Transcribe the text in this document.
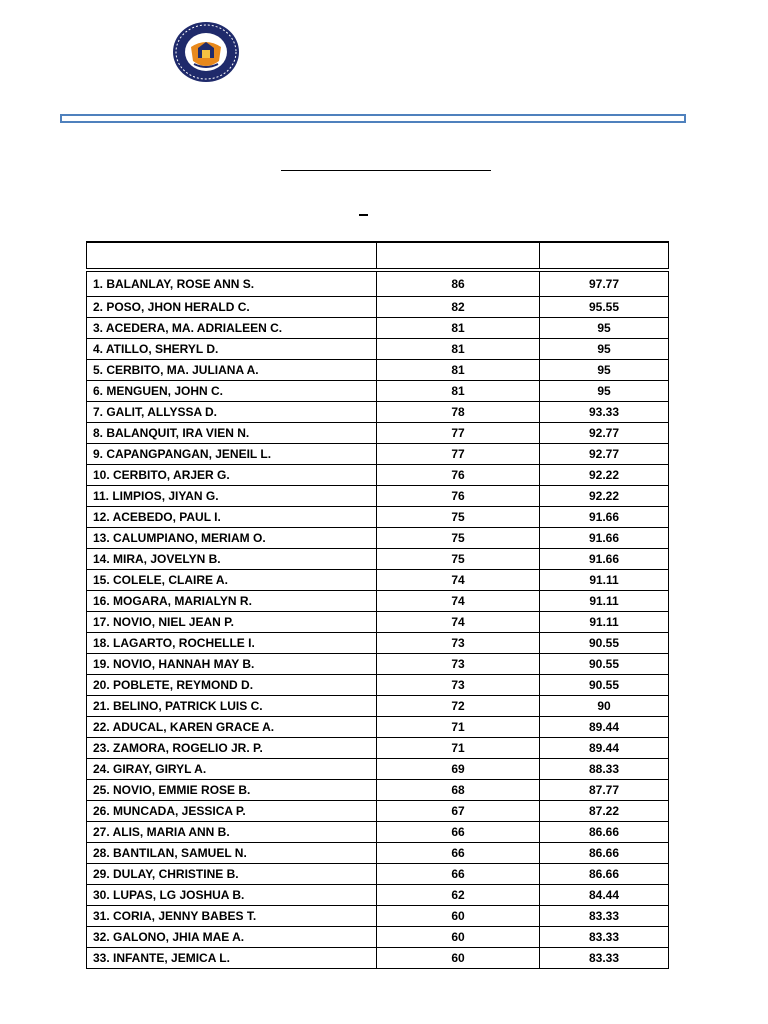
1. BALANLAY, ROSE ANN S.	86	97.77
2. POSO, JHON HERALD C.	82	95.55
3. ACEDERA, MA. ADRIALEEN C.	81	95
4. ATILLO, SHERYL D.	81	95
5. CERBITO, MA. JULIANA A.	81	95
6. MENGUEN, JOHN C.	81	95
7. GALIT, ALLYSSA D.	78	93.33
8. BALANQUIT, IRA VIEN N.	77	92.77
9. CAPANGPANGAN, JENEIL L.	77	92.77
10. CERBITO, ARJER G.	76	92.22
11. LIMPIOS, JIYAN G.	76	92.22
12. ACEBEDO, PAUL I.	75	91.66
13. CALUMPIANO, MERIAM O.	75	91.66
14. MIRA, JOVELYN B.	75	91.66
15. COLELE, CLAIRE A.	74	91.11
16. MOGARA, MARIALYN R.	74	91.11
17. NOVIO, NIEL JEAN P.	74	91.11
18. LAGARTO, ROCHELLE I.	73	90.55
19. NOVIO, HANNAH MAY B.	73	90.55
20. POBLETE, REYMOND D.	73	90.55
21. BELINO, PATRICK LUIS C.	72	90
22. ADUCAL, KAREN GRACE A.	71	89.44
23. ZAMORA, ROGELIO JR. P.	71	89.44
24. GIRAY, GIRYL A.	69	88.33
25. NOVIO, EMMIE ROSE B.	68	87.77
26. MUNCADA, JESSICA P.	67	87.22
27. ALIS, MARIA ANN B.	66	86.66
28. BANTILAN, SAMUEL N.	66	86.66
29. DULAY, CHRISTINE B.	66	86.66
30. LUPAS, LG JOSHUA B.	62	84.44
31. CORIA, JENNY BABES T.	60	83.33
32. GALONO, JHIA MAE A.	60	83.33
33. INFANTE, JEMICA L.	60	83.33
